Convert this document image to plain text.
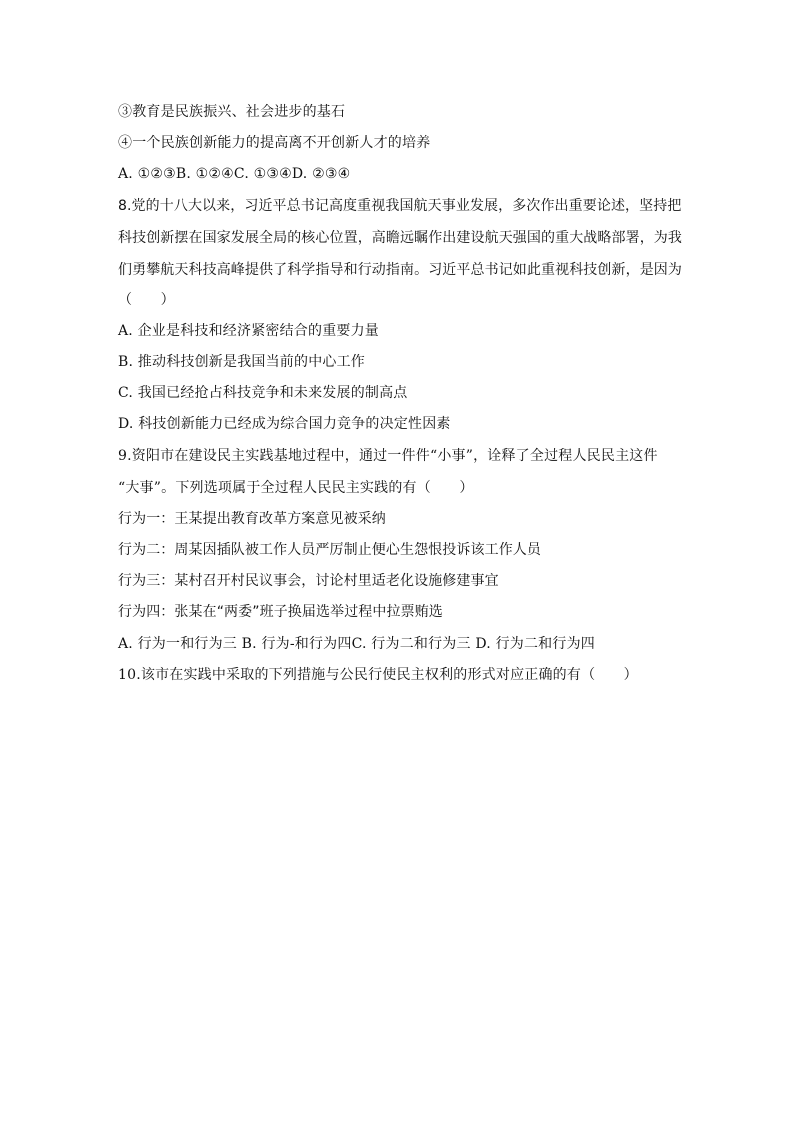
③教育是民族振兴、社会进步的基石
④一个民族创新能力的提高离不开创新人才的培养
A. ①②③B. ①②④C. ①③④D. ②③④
8.党的十八大以来，习近平总书记高度重视我国航天事业发展，多次作出重要论述，坚持把
科技创新摆在国家发展全局的核心位置，高瞻远瞩作出建设航天强国的重大战略部署，为我
们勇攀航天科技高峰提供了科学指导和行动指南。习近平总书记如此重视科技创新，是因为
（　　）
A. 企业是科技和经济紧密结合的重要力量
B. 推动科技创新是我国当前的中心工作
C. 我国已经抢占科技竞争和未来发展的制高点
D. 科技创新能力已经成为综合国力竞争的决定性因素
9.资阳市在建设民主实践基地过程中，通过一件件“小事”，诠释了全过程人民民主这件
“大事”。下列选项属于全过程人民民主实践的有（　　）
行为一：王某提出教育改革方案意见被采纳
行为二：周某因插队被工作人员严厉制止便心生怨恨投诉该工作人员
行为三：某村召开村民议事会，讨论村里适老化设施修建事宜
行为四：张某在“两委”班子换届选举过程中拉票贿选
A. 行为一和行为三 B. 行为-和行为四C. 行为二和行为三 D. 行为二和行为四
10.该市在实践中采取的下列措施与公民行使民主权利的形式对应正确的有（　　）
